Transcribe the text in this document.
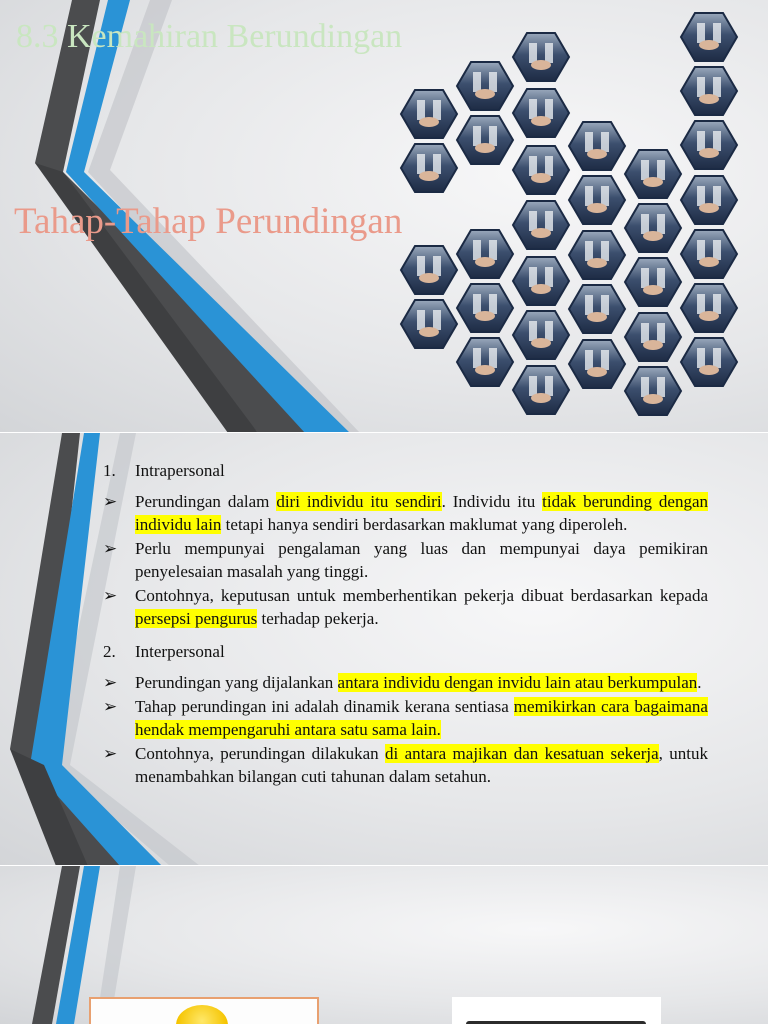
8.3 Kemahiran Berundingan
Tahap-Tahap Perundingan
1. Intrapersonal
➢ Perundingan dalam diri individu itu sendiri. Individu itu tidak berunding dengan individu lain tetapi hanya sendiri berdasarkan maklumat yang diperoleh.
➢ Perlu mempunyai pengalaman yang luas dan mempunyai daya pemikiran penyelesaian masalah yang tinggi.
➢ Contohnya, keputusan untuk memberhentikan pekerja dibuat berdasarkan kepada persepsi pengurus terhadap pekerja.
2. Interpersonal
➢ Perundingan yang dijalankan antara individu dengan invidu lain atau berkumpulan.
➢ Tahap perundingan ini adalah dinamik kerana sentiasa memikirkan cara bagaimana hendak mempengaruhi antara satu sama lain.
➢ Contohnya, perundingan dilakukan di antara majikan dan kesatuan sekerja, untuk menambahkan bilangan cuti tahunan dalam setahun.
